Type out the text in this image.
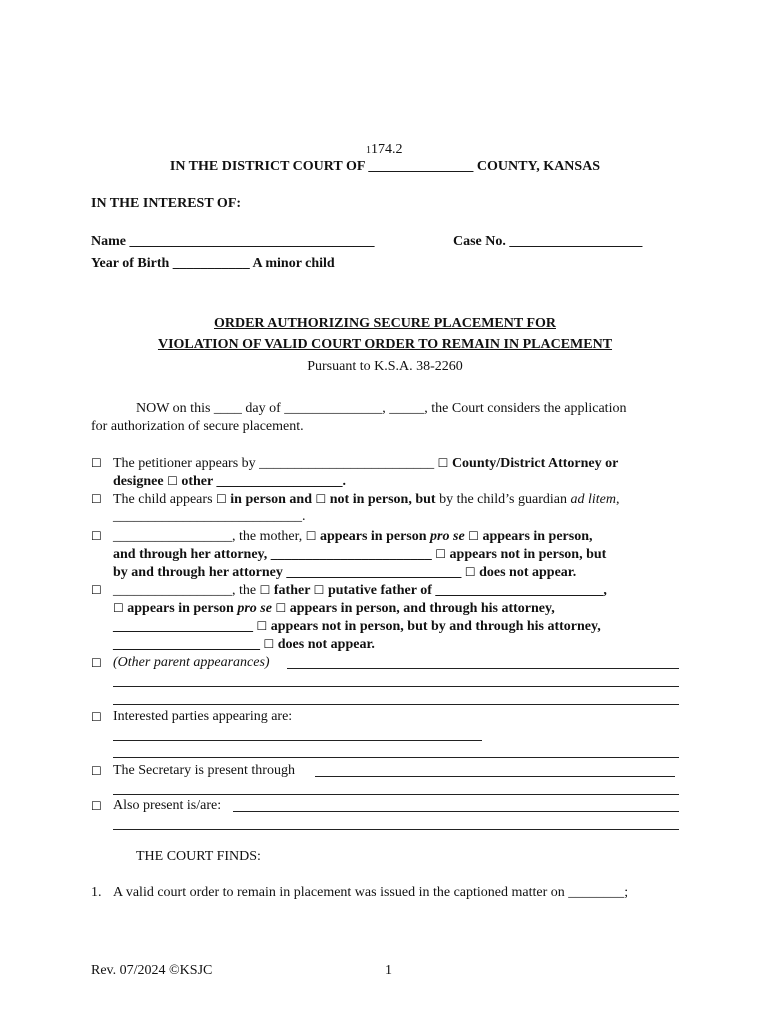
1174.2
IN THE DISTRICT COURT OF _______________ COUNTY, KANSAS
IN THE INTEREST OF:
Name ___________________________________	Case No. ___________________
Year of Birth ___________ A minor child
ORDER AUTHORIZING SECURE PLACEMENT FOR
VIOLATION OF VALID COURT ORDER TO REMAIN IN PLACEMENT
Pursuant to K.S.A. 38-2260
NOW on this ____ day of ______________, _____, the Court considers the application
for authorization of secure placement.
☐ The petitioner appears by _________________________ ☐ County/District Attorney or
designee ☐ other __________________.
☐ The child appears ☐ in person and ☐ not in person, but by the child’s guardian ad litem,
___________________________.
☐ _________________, the mother, ☐ appears in person pro se ☐ appears in person,
and through her attorney, _______________________ ☐ appears not in person, but
by and through her attorney _________________________ ☐ does not appear.
☐ _________________, the ☐ father ☐ putative father of ________________________,
☐ appears in person pro se ☐ appears in person, and through his attorney,
____________________ ☐ appears not in person, but by and through his attorney,
_____________________ ☐ does not appear.
☐ (Other parent appearances)
☐ Interested parties appearing are:
☐ The Secretary is present through
☐ Also present is/are:
THE COURT FINDS:
1. A valid court order to remain in placement was issued in the captioned matter on ________;
Rev. 07/2024 ©KSJC	1
